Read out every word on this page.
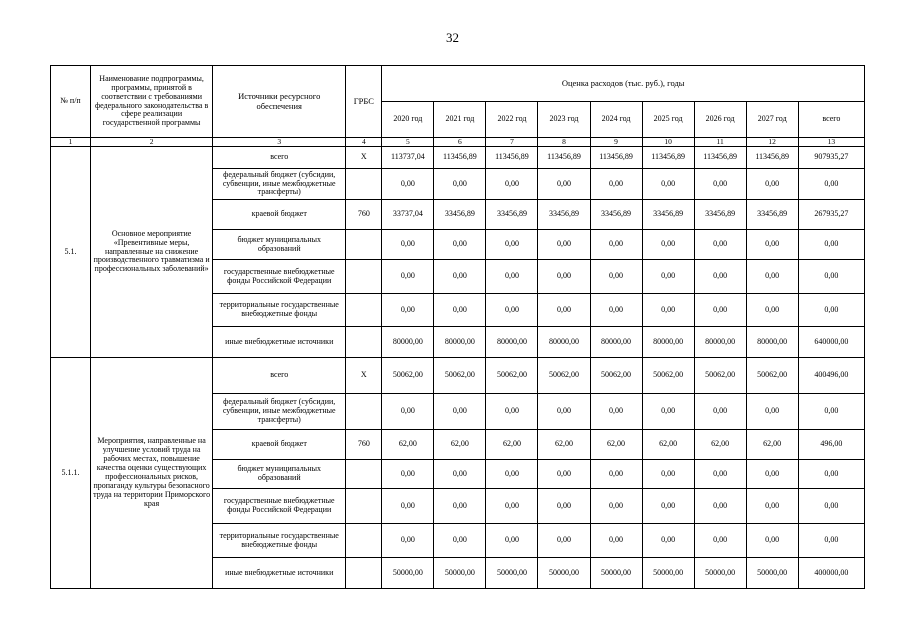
32
№ п/п	Наименование подпрограммы, программы, принятой в соответствии с требованиями федерального законодательства в сфере реализации государственной программы	Источники ресурсного обеспечения	ГРБС	Оценка расходов (тыс. руб.), годы								
				2020 год	2021 год	2022 год	2023 год	2024 год	2025 год	2026 год	2027 год	всего
1	2	3	4	5	6	7	8	9	10	11	12	13
5.1.	Основное мероприятие «Превентивные меры, направленные на снижение производственного травматизма и профессиональных заболеваний»	всего	X	113737,04	113456,89	113456,89	113456,89	113456,89	113456,89	113456,89	113456,89	907935,27
		федеральный бюджет (субсидии, субвенции, иные межбюджетные трансферты)		0,00	0,00	0,00	0,00	0,00	0,00	0,00	0,00	0,00
		краевой бюджет	760	33737,04	33456,89	33456,89	33456,89	33456,89	33456,89	33456,89	33456,89	267935,27
		бюджет муниципальных образований		0,00	0,00	0,00	0,00	0,00	0,00	0,00	0,00	0,00
		государственные внебюджетные фонды Российской Федерации		0,00	0,00	0,00	0,00	0,00	0,00	0,00	0,00	0,00
		территориальные государственные внебюджетные фонды		0,00	0,00	0,00	0,00	0,00	0,00	0,00	0,00	0,00
		иные внебюджетные источники		80000,00	80000,00	80000,00	80000,00	80000,00	80000,00	80000,00	80000,00	640000,00
5.1.1.	Мероприятия, направленные на улучшение условий труда на рабочих местах, повышение качества оценки существующих профессиональных рисков, пропаганду культуры безопасного труда на территории Приморского края	всего	X	50062,00	50062,00	50062,00	50062,00	50062,00	50062,00	50062,00	50062,00	400496,00
		федеральный бюджет (субсидии, субвенции, иные межбюджетные трансферты)		0,00	0,00	0,00	0,00	0,00	0,00	0,00	0,00	0,00
		краевой бюджет	760	62,00	62,00	62,00	62,00	62,00	62,00	62,00	62,00	496,00
		бюджет муниципальных образований		0,00	0,00	0,00	0,00	0,00	0,00	0,00	0,00	0,00
		государственные внебюджетные фонды Российской Федерации		0,00	0,00	0,00	0,00	0,00	0,00	0,00	0,00	0,00
		территориальные государственные внебюджетные фонды		0,00	0,00	0,00	0,00	0,00	0,00	0,00	0,00	0,00
		иные внебюджетные источники		50000,00	50000,00	50000,00	50000,00	50000,00	50000,00	50000,00	50000,00	400000,00
